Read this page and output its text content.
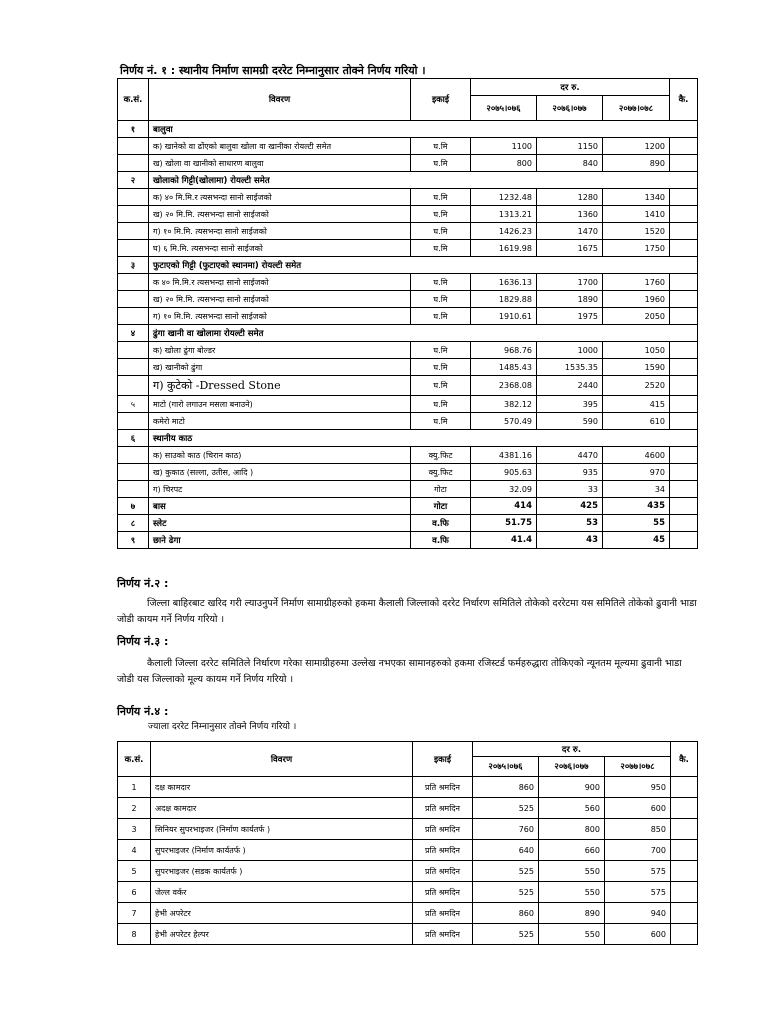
निर्णय नं. १ : स्थानीय निर्माण सामग्री दररेट निम्नानुसार तोक्ने निर्णय गरियो ।
क.सं.	विवरण	इकाई	दर रु.			कै.
			२०७५।०७६	२०७६।०७७	२०७७।०७८	
१	बालुवा					
	क) खानेको वा ढोंएको बालुवा खोला वा खानीका रोयल्टी समेत	घ.मि	1100	1150	1200	
	ख) खोला वा खानीको साधारण बालुवा	घ.मि	800	840	890	
२	खोलाको गिट्टी(खोलामा) रोयल्टी समेत					
	क) ४० मि.मि.र त्यसभन्दा सानो साईजको	घ.मि	1232.48	1280	1340	
	ख) २० मि.मि. त्यसभन्दा सानो साईजको	घ.मि	1313.21	1360	1410	
	ग) १० मि.मि. त्यसभन्दा सानो साईजको	घ.मि	1426.23	1470	1520	
	घ) ६ मि.मि. त्यसभन्दा सानो साईजको	घ.मि	1619.98	1675	1750	
३	फुटाएको गिट्टी (फुटाएको स्थानमा) रोयल्टी समेत					
	क ४० मि.मि.र त्यसभन्दा सानो साईजको	घ.मि	1636.13	1700	1760	
	ख) २० मि.मि. त्यसभन्दा सानो साईजको	घ.मि	1829.88	1890	1960	
	ग) १० मि.मि. त्यसभन्दा सानो साईजको	घ.मि	1910.61	1975	2050	
४	ढुंगा खानी वा खोलामा रोयल्टी समेत					
	क) खोला ढुंगा बोल्डर	घ.मि	968.76	1000	1050	
	ख) खानीको ढुंगा	घ.मि	1485.43	1535.35	1590	
	ग) कुटेको -Dressed Stone	घ.मि	2368.08	2440	2520	
५	माटो (गारो लगाउन मसला बनाउने)	घ.मि	382.12	395	415	
	कमेरो माटो	घ.मि	570.49	590	610	
६	स्थानीय काठ					
	क) साउको काठ (चिरान काठ)	क्यु.फिट	4381.16	4470	4600	
	ख) कुकाठ (सल्ला, उतीस, आदि )	क्यु.फिट	905.63	935	970	
	ग) चिरपट	गोटा	32.09	33	34	
७	बास	गोटा	414	425	435	
८	स्लेट	व.फि	51.75	53	55	
९	छाने ढेगा	व.फि	41.4	43	45	
निर्णय नं.२ :
जिल्ला बाहिरबाट खरिद गरी ल्याउनुपर्ने निर्माण सामाग्रीहरुको हकमा कैलाली जिल्लाको दररेट निर्धारण समितिले तोकेको दररेटमा यस समितिले तोकेको ढुवानी भाडा जोडी कायम गर्ने निर्णय गरियो ।
निर्णय नं.३ :
कैलाली जिल्ला दररेट समितिले निर्धारण गरेका सामाग्रीहरुमा उल्लेख नभएका सामानहरुको हकमा रजिस्टर्ड फर्महरुद्धारा तोकिएको न्यूनतम मूल्यमा ढुवानी भाडा जोडी यस जिल्लाको मूल्य कायम गर्ने निर्णय गरियो ।
निर्णय नं.४ :
ज्याला दररेट निम्नानुसार तोक्ने निर्णय गरियो ।
क.सं.	विवरण	इकाई	दर रु.			कै.
			२०७५।०७६	२०७६।०७७	२०७७।०७८	
1	दक्ष कामदार	प्रति श्रमदिन	860	900	950	
2	अदक्ष कामदार	प्रति श्रमदिन	525	560	600	
3	सिनियर सुपरभाइजर (निर्माण कार्यतर्फ )	प्रति श्रमदिन	760	800	850	
4	सुपरभाइजर (निर्माण कार्यतर्फ )	प्रति श्रमदिन	640	660	700	
5	सुपरभाइजर (सडक कार्यतर्फ )	प्रति श्रमदिन	525	550	575	
6	जेल्ल वर्कर	प्रति श्रमदिन	525	550	575	
7	हेभी अपरेटर	प्रति श्रमदिन	860	890	940	
8	हेभी अपरेटर हेल्पर	प्रति श्रमदिन	525	550	600	
